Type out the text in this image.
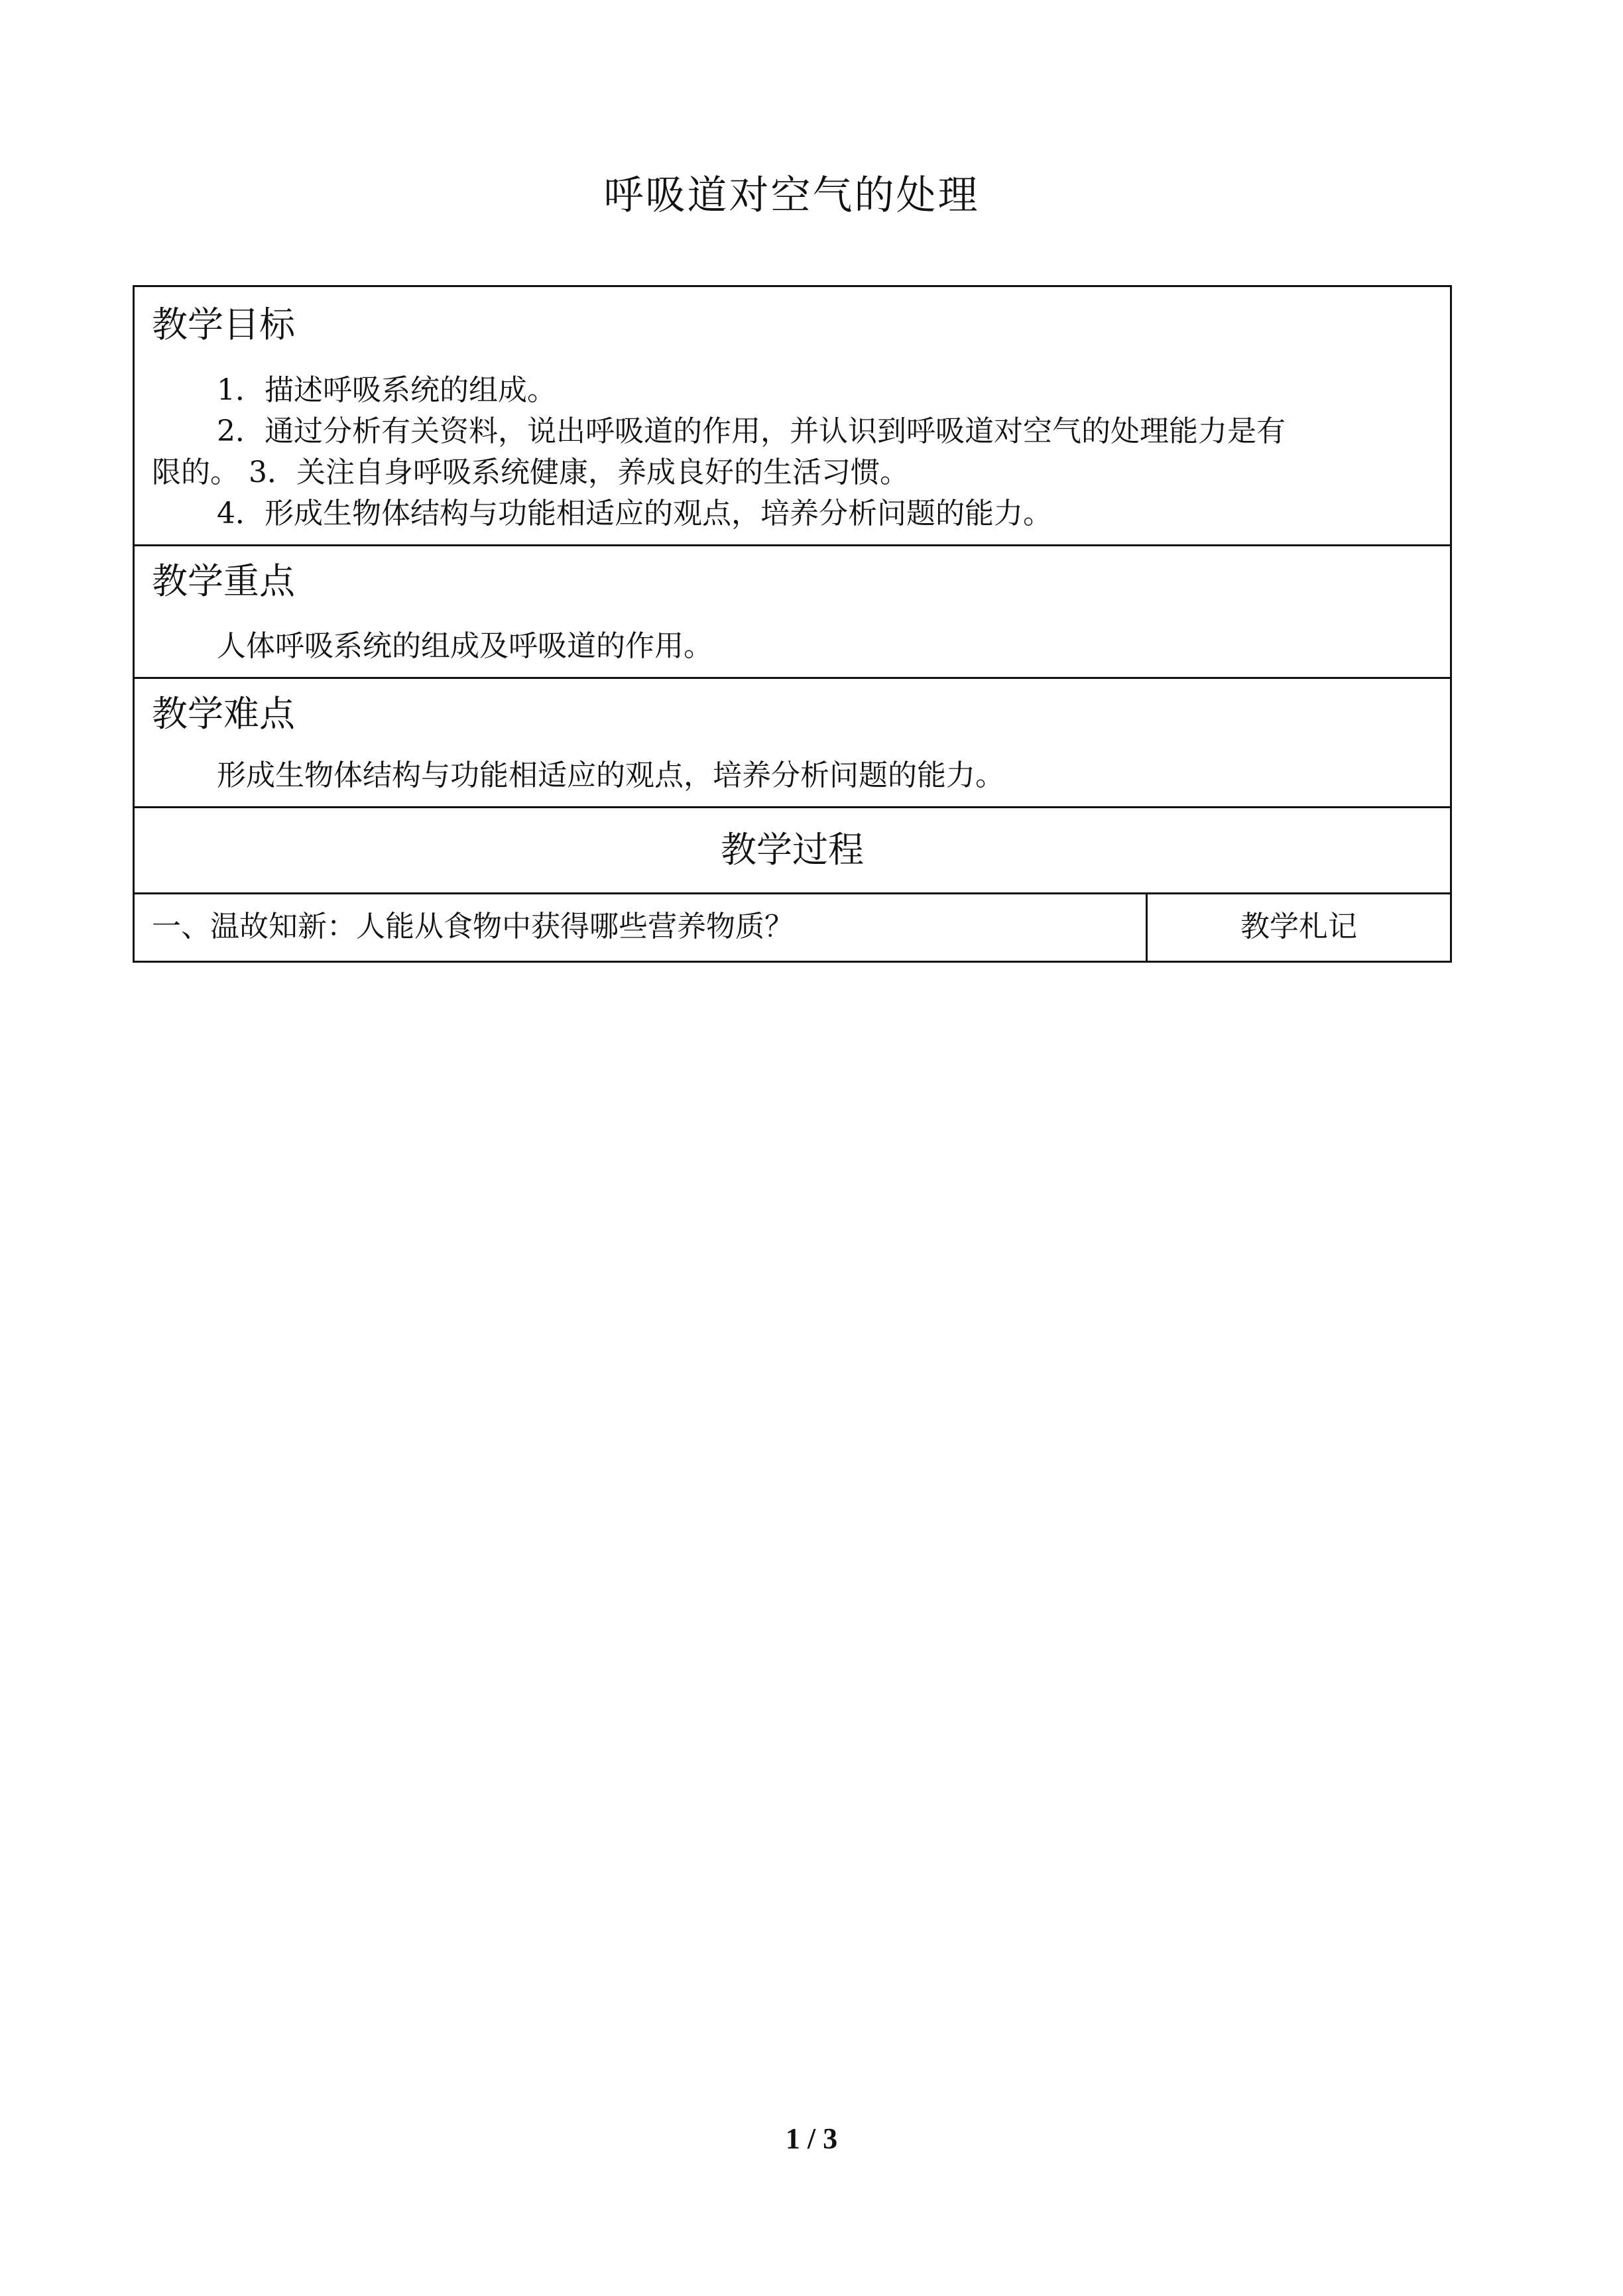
呼吸道对空气的处理
教学目标
1．描述呼吸系统的组成。
2．通过分析有关资料，说出呼吸道的作用，并认识到呼吸道对空气的处理能力是有
限的。 3．关注自身呼吸系统健康，养成良好的生活习惯。
4．形成生物体结构与功能相适应的观点，培养分析问题的能力。
教学重点
人体呼吸系统的组成及呼吸道的作用。
教学难点
形成生物体结构与功能相适应的观点，培养分析问题的能力。
教学过程
一、温故知新：人能从食物中获得哪些营养物质？	教学札记
1 / 3
